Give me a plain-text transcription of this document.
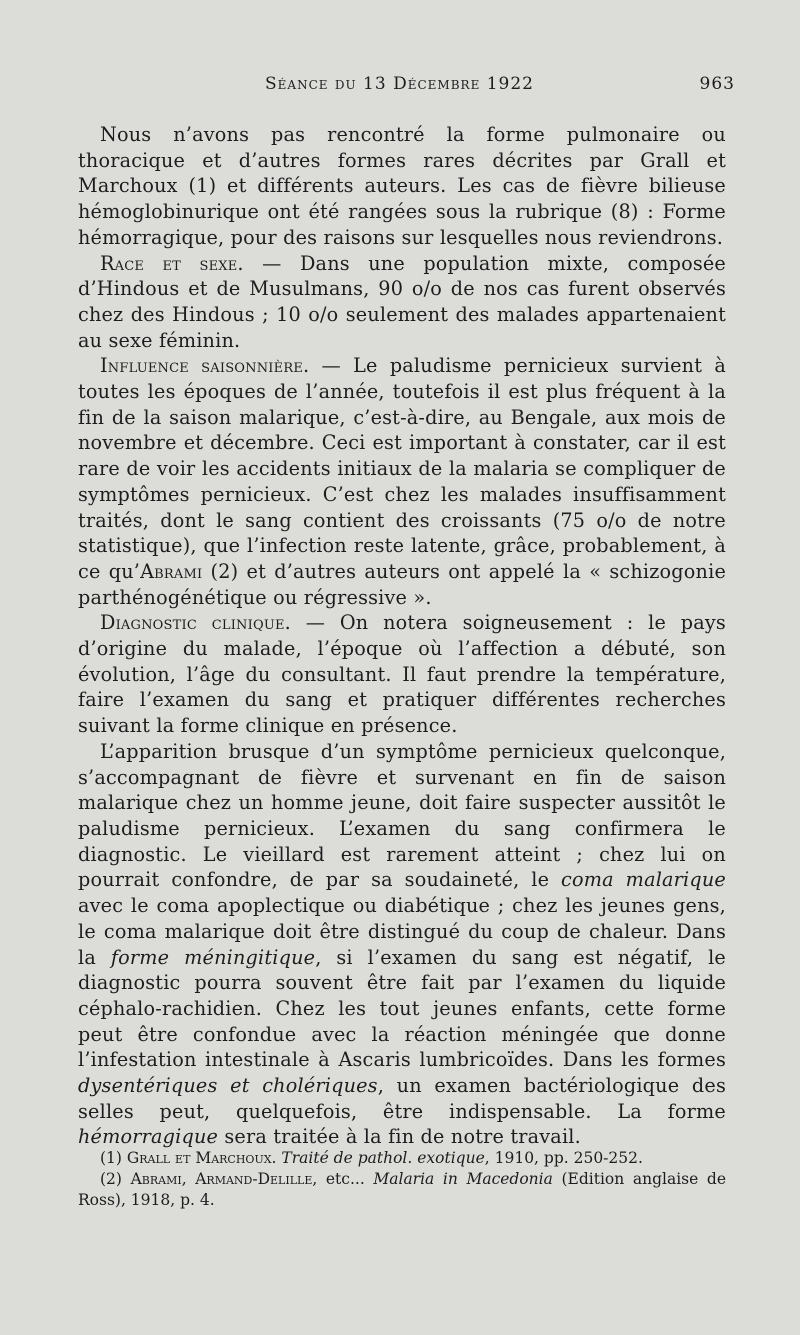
Séance du 13 Décembre 1922	963

Nous n’avons pas rencontré la forme pulmonaire ou thoracique et d’autres formes rares décrites par Grall et Marchoux (1) et différents auteurs. Les cas de fièvre bilieuse hémoglobinurique ont été rangées sous la rubrique (8) : Forme hémorragique, pour des raisons sur lesquelles nous reviendrons.

Race et sexe. — Dans une population mixte, composée d’Hindous et de Musulmans, 90 o/o de nos cas furent observés chez des Hindous ; 10 o/o seulement des malades appartenaient au sexe féminin.

Influence saisonnière. — Le paludisme pernicieux survient à toutes les époques de l’année, toutefois il est plus fréquent à la fin de la saison malarique, c’est-à-dire, au Bengale, aux mois de novembre et décembre. Ceci est important à constater, car il est rare de voir les accidents initiaux de la malaria se compliquer de symptômes pernicieux. C’est chez les malades insuffisamment traités, dont le sang contient des croissants (75 o/o de notre statistique), que l’infection reste latente, grâce, probablement, à ce qu’Abrami (2) et d’autres auteurs ont appelé la « schizogonie parthénogénétique ou régressive ».

Diagnostic clinique. — On notera soigneusement : le pays d’origine du malade, l’époque où l’affection a débuté, son évolution, l’âge du consultant. Il faut prendre la température, faire l’examen du sang et pratiquer différentes recherches suivant la forme clinique en présence.

L’apparition brusque d’un symptôme pernicieux quelconque, s’accompagnant de fièvre et survenant en fin de saison malarique chez un homme jeune, doit faire suspecter aussitôt le paludisme pernicieux. L’examen du sang confirmera le diagnostic. Le vieillard est rarement atteint ; chez lui on pourrait confondre, de par sa soudaineté, le coma malarique avec le coma apoplectique ou diabétique ; chez les jeunes gens, le coma malarique doit être distingué du coup de chaleur. Dans la forme méningitique, si l’examen du sang est négatif, le diagnostic pourra souvent être fait par l’examen du liquide céphalo-rachidien. Chez les tout jeunes enfants, cette forme peut être confondue avec la réaction méningée que donne l’infestation intestinale à Ascaris lumbricoïdes. Dans les formes dysentériques et cholériques, un examen bactériologique des selles peut, quelquefois, être indispensable. La forme hémorragique sera traitée à la fin de notre travail.

(1) Grall et Marchoux. Traité de pathol. exotique, 1910, pp. 250-252.

(2) Abrami, Armand-Delille, etc... Malaria in Macedonia (Edition anglaise de Ross), 1918, p. 4.
